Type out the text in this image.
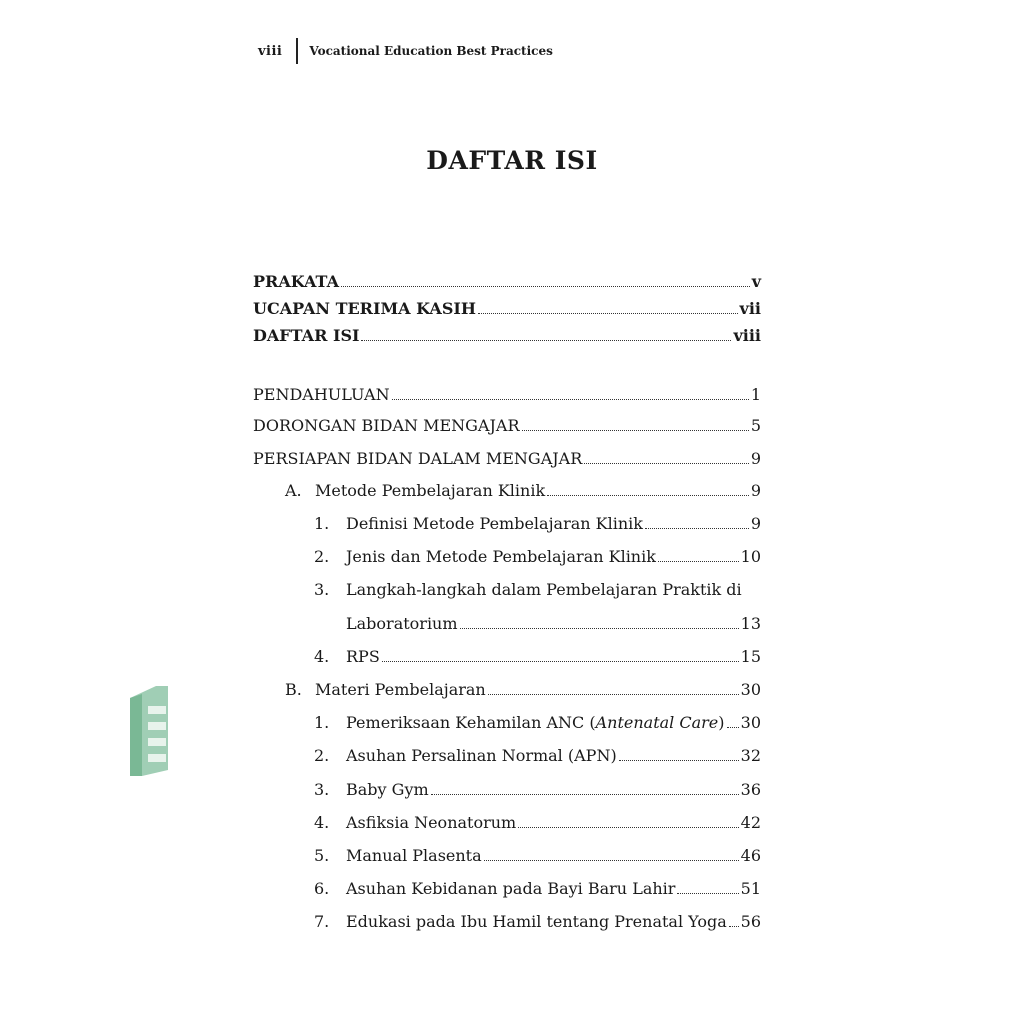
viii	Vocational Education Best Practices
DAFTAR ISI
PRAKATA	v
UCAPAN TERIMA KASIH	vii
DAFTAR ISI	viii
PENDAHULUAN	1
DORONGAN BIDAN MENGAJAR	5
PERSIAPAN BIDAN DALAM MENGAJAR	9
A. Metode Pembelajaran Klinik	9
1.	Definisi Metode Pembelajaran Klinik	9
2.	Jenis dan Metode Pembelajaran Klinik	10
3. Langkah-langkah dalam Pembelajaran Praktik di
Laboratorium	13
4.	RPS	15
B. Materi Pembelajaran	30
1.	Pemeriksaan Kehamilan ANC (Antenatal Care) 30
2.	Asuhan Persalinan Normal (APN)	32
3.	Baby Gym	36
4.	Asfiksia Neonatorum	42
5.	Manual Plasenta	46
6.	Asuhan Kebidanan pada Bayi Baru Lahir	51
7.	Edukasi pada Ibu Hamil tentang Prenatal Yoga 56
